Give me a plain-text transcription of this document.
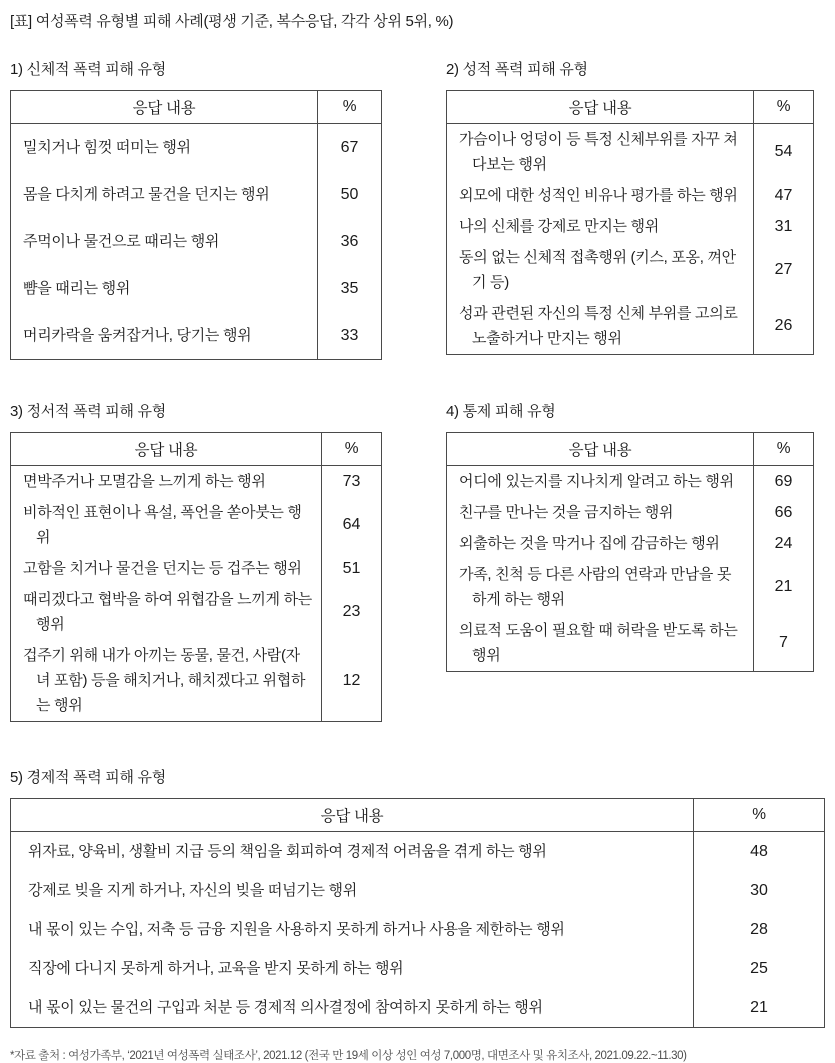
[표] 여성폭력 유형별 피해 사례(평생 기준, 복수응답, 각각 상위 5위, %)
1) 신체적 폭력 피해 유형
응답 내용	%
밀치거나 힘껏 떠미는 행위	67
몸을 다치게 하려고 물건을 던지는 행위	50
주먹이나 물건으로 때리는 행위	36
뺨을 때리는 행위	35
머리카락을 움켜잡거나, 당기는 행위	33
2) 성적 폭력 피해 유형
응답 내용	%
가슴이나 엉덩이 등 특정 신체부위를 자꾸 쳐다보는 행위	54
외모에 대한 성적인 비유나 평가를 하는 행위	47
나의 신체를 강제로 만지는 행위	31
동의 없는 신체적 접촉행위 (키스, 포옹, 껴안기 등)	27
성과 관련된 자신의 특정 신체 부위를 고의로 노출하거나 만지는 행위	26
3) 정서적 폭력 피해 유형
응답 내용	%
면박주거나 모멸감을 느끼게 하는 행위	73
비하적인 표현이나 욕설, 폭언을 쏟아붓는 행위	64
고함을 치거나 물건을 던지는 등 겁주는 행위	51
때리겠다고 협박을 하여 위협감을 느끼게 하는 행위	23
겁주기 위해 내가 아끼는 동물, 물건, 사람(자녀 포함) 등을 해치거나, 해치겠다고 위협하는 행위	12
4) 통제 피해 유형
응답 내용	%
어디에 있는지를 지나치게 알려고 하는 행위	69
친구를 만나는 것을 금지하는 행위	66
외출하는 것을 막거나 집에 감금하는 행위	24
가족, 친척 등 다른 사람의 연락과 만남을 못하게 하는 행위	21
의료적 도움이 필요할 때 허락을 받도록 하는 행위	7
5) 경제적 폭력 피해 유형
응답 내용	%
위자료, 양육비, 생활비 지급 등의 책임을 회피하여 경제적 어려움을 겪게 하는 행위	48
강제로 빚을 지게 하거나, 자신의 빚을 떠넘기는 행위	30
내 몫이 있는 수입, 저축 등 금융 지원을 사용하지 못하게 하거나 사용을 제한하는 행위	28
직장에 다니지 못하게 하거나, 교육을 받지 못하게 하는 행위	25
내 몫이 있는 물건의 구입과 처분 등 경제적 의사결정에 참여하지 못하게 하는 행위	21

*자료 출처 : 여성가족부, ‘2021년 여성폭력 실태조사’, 2021.12 (전국 만 19세 이상 성인 여성 7,000명, 대면조사 및 유치조사, 2021.09.22.~11.30)
